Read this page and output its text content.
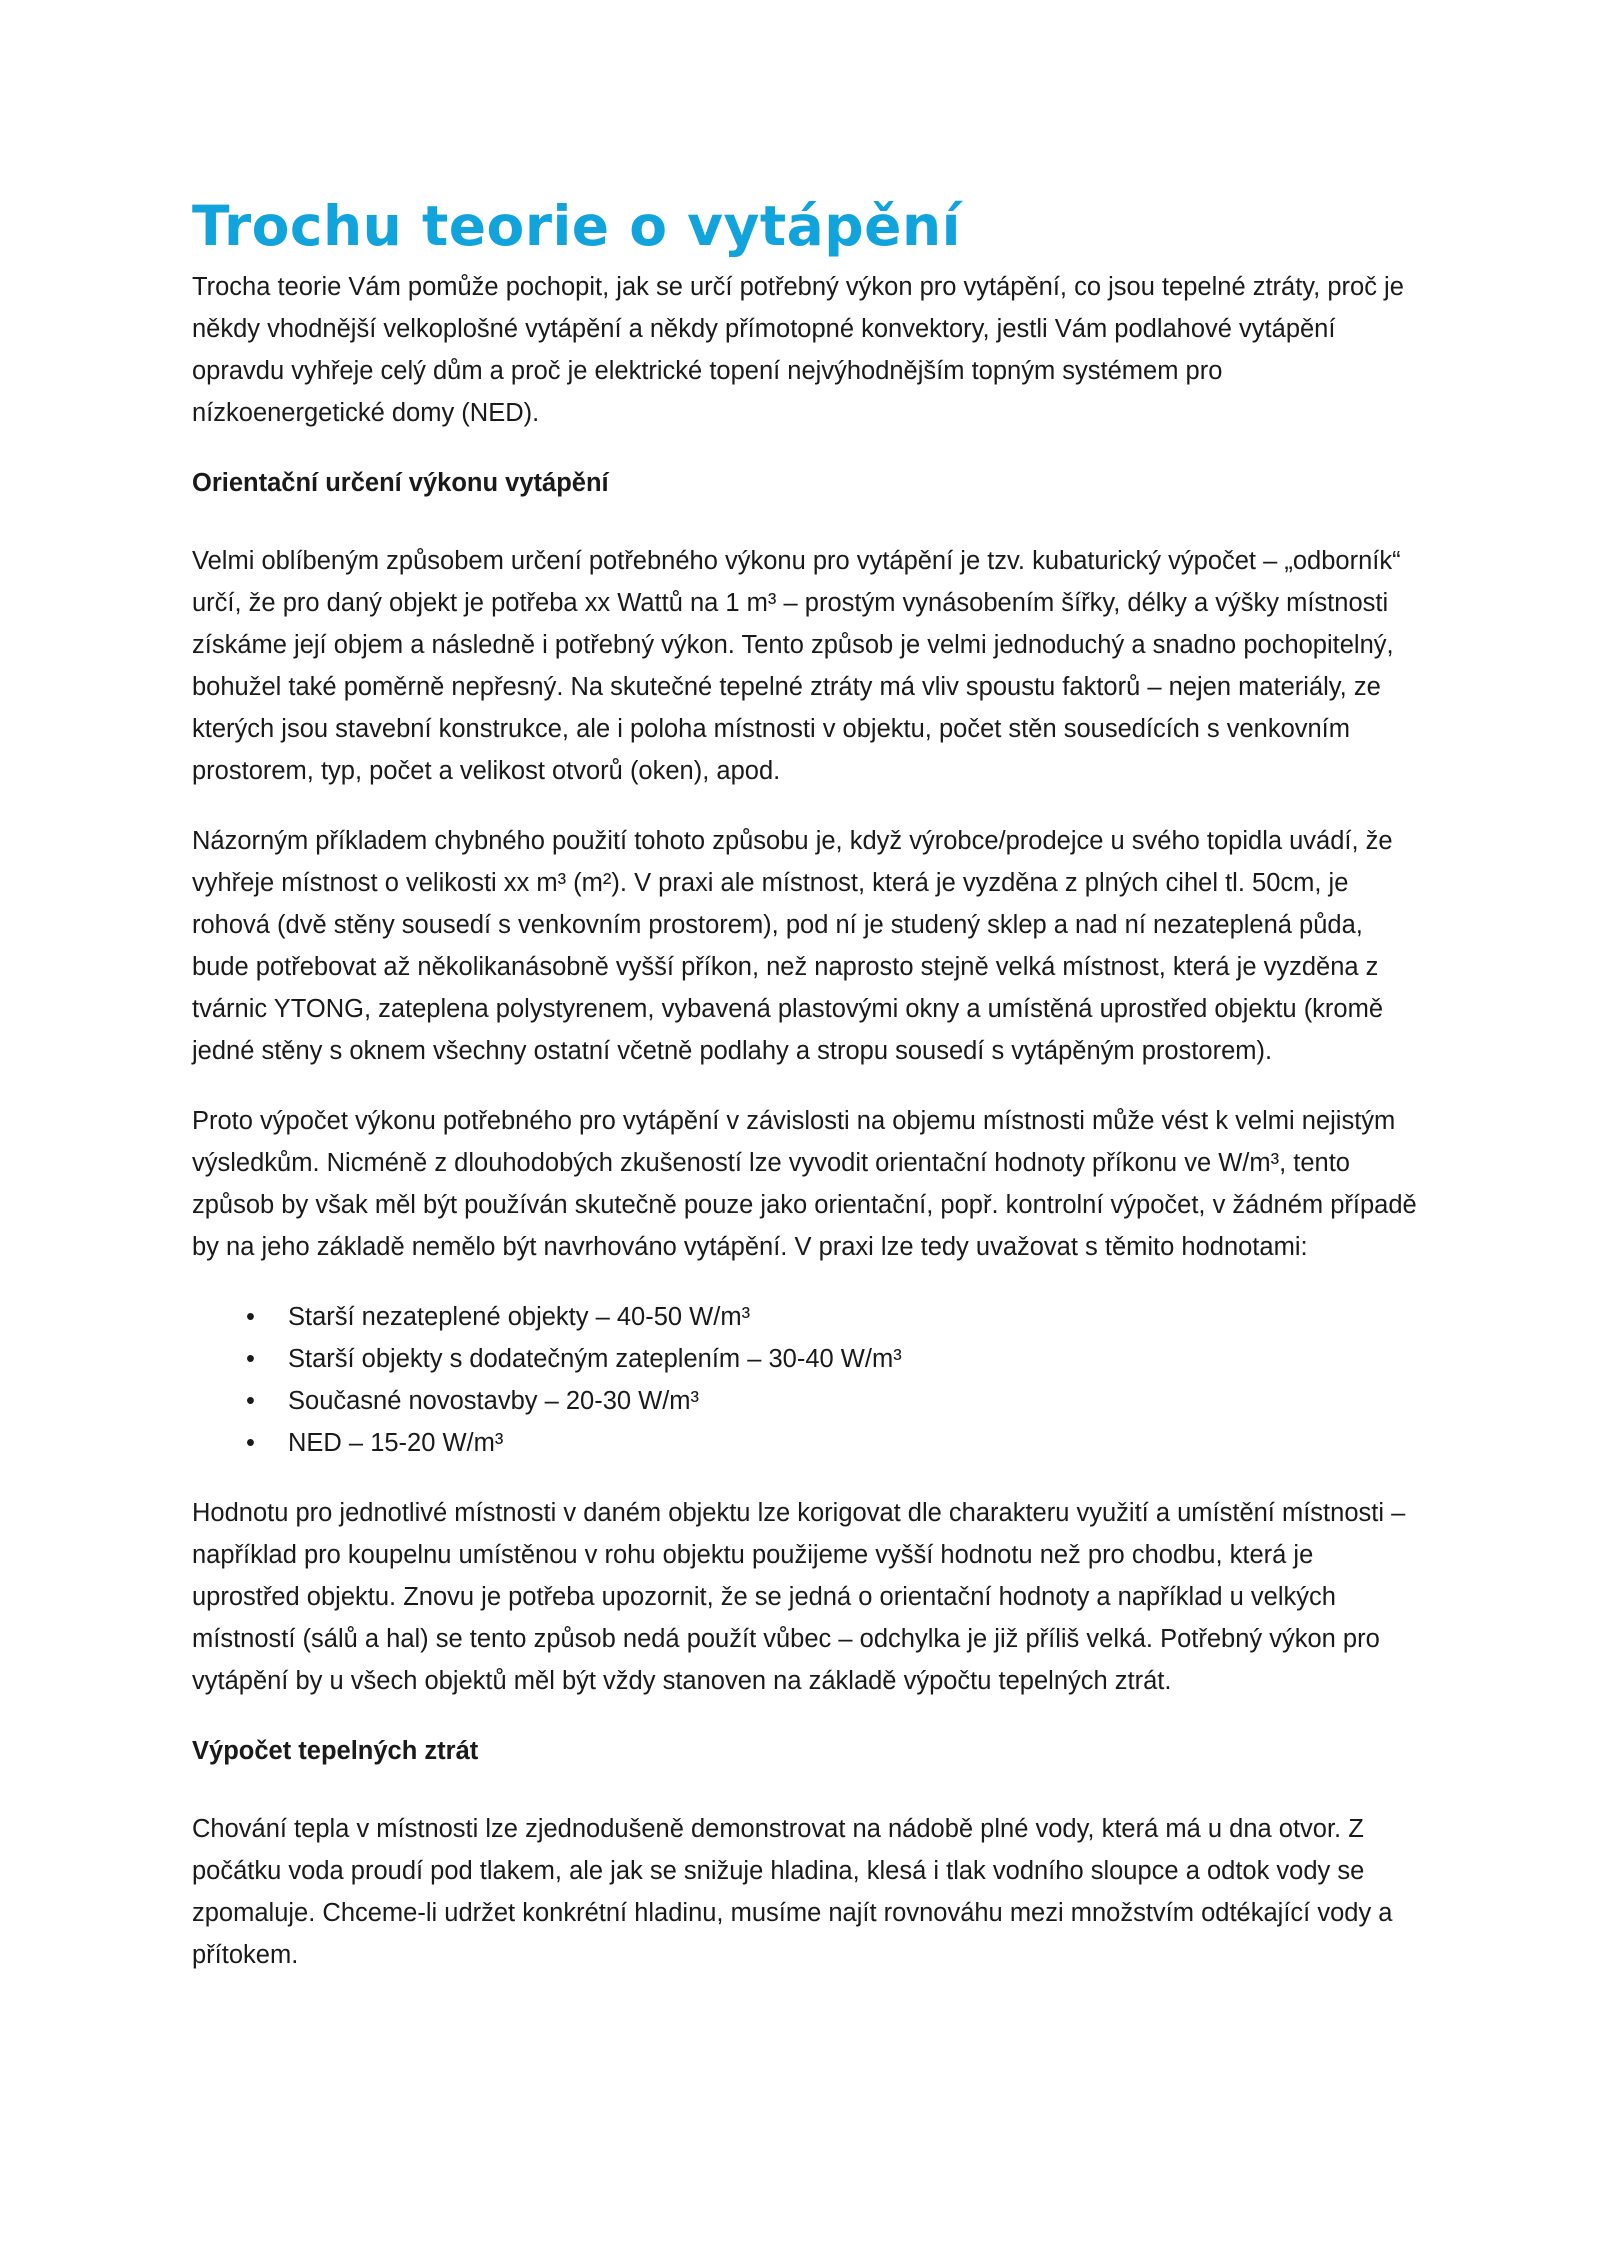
Trochu teorie o vytápění

Trocha teorie Vám pomůže pochopit, jak se určí potřebný výkon pro vytápění, co jsou tepelné ztráty, proč je někdy vhodnější velkoplošné vytápění a někdy přímotopné konvektory, jestli Vám podlahové vytápění opravdu vyhřeje celý dům a proč je elektrické topení nejvýhodnějším topným systémem pro nízkoenergetické domy (NED).

Orientační určení výkonu vytápění

Velmi oblíbeným způsobem určení potřebného výkonu pro vytápění je tzv. kubaturický výpočet – „odborník“ určí, že pro daný objekt je potřeba xx Wattů na 1 m³ – prostým vynásobením šířky, délky a výšky místnosti získáme její objem a následně i potřebný výkon. Tento způsob je velmi jednoduchý a snadno pochopitelný, bohužel také poměrně nepřesný. Na skutečné tepelné ztráty má vliv spoustu faktorů – nejen materiály, ze kterých jsou stavební konstrukce, ale i poloha místnosti v objektu, počet stěn sousedících s venkovním prostorem, typ, počet a velikost otvorů (oken), apod.

Názorným příkladem chybného použití tohoto způsobu je, když výrobce/prodejce u svého topidla uvádí, že vyhřeje místnost o velikosti xx m³ (m²). V praxi ale místnost, která je vyzděna z plných cihel tl. 50cm, je rohová (dvě stěny sousedí s venkovním prostorem), pod ní je studený sklep a nad ní nezateplená půda, bude potřebovat až několikanásobně vyšší příkon, než naprosto stejně velká místnost, která je vyzděna z tvárnic YTONG, zateplena polystyrenem, vybavená plastovými okny a umístěná uprostřed objektu (kromě jedné stěny s oknem všechny ostatní včetně podlahy a stropu sousedí s vytápěným prostorem).

Proto výpočet výkonu potřebného pro vytápění v závislosti na objemu místnosti může vést k velmi nejistým výsledkům. Nicméně z dlouhodobých zkušeností lze vyvodit orientační hodnoty příkonu ve W/m³, tento způsob by však měl být používán skutečně pouze jako orientační, popř. kontrolní výpočet, v žádném případě by na jeho základě nemělo být navrhováno vytápění. V praxi lze tedy uvažovat s těmito hodnotami:

• Starší nezateplené objekty – 40-50 W/m³
• Starší objekty s dodatečným zateplením – 30-40 W/m³
• Současné novostavby – 20-30 W/m³
• NED – 15-20 W/m³

Hodnotu pro jednotlivé místnosti v daném objektu lze korigovat dle charakteru využití a umístění místnosti – například pro koupelnu umístěnou v rohu objektu použijeme vyšší hodnotu než pro chodbu, která je uprostřed objektu. Znovu je potřeba upozornit, že se jedná o orientační hodnoty a například u velkých místností (sálů a hal) se tento způsob nedá použít vůbec – odchylka je již příliš velká. Potřebný výkon pro vytápění by u všech objektů měl být vždy stanoven na základě výpočtu tepelných ztrát.

Výpočet tepelných ztrát

Chování tepla v místnosti lze zjednodušeně demonstrovat na nádobě plné vody, která má u dna otvor. Z počátku voda proudí pod tlakem, ale jak se snižuje hladina, klesá i tlak vodního sloupce a odtok vody se zpomaluje. Chceme-li udržet konkrétní hladinu, musíme najít rovnováhu mezi množstvím odtékající vody a přítokem.
